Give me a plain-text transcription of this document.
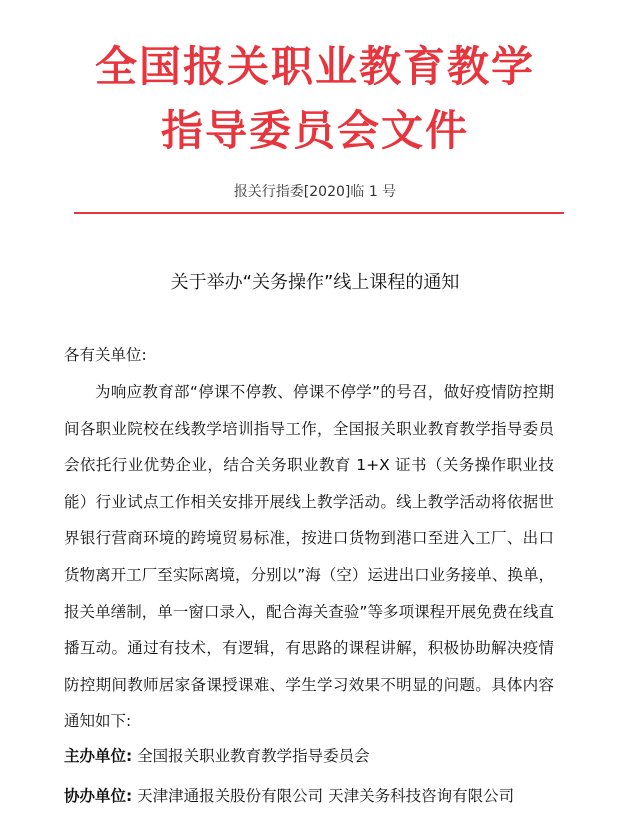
全国报关职业教育教学
指导委员会文件
报关行指委[2020]临 1 号
关于举办“关务操作”线上课程的通知
各有关单位:
为响应教育部“停课不停教、停课不停学”的号召，做好疫情防控期间各职业院校在线教学培训指导工作，全国报关职业教育教学指导委员会依托行业优势企业，结合关务职业教育 1+X 证书（关务操作职业技能）行业试点工作相关安排开展线上教学活动。线上教学活动将依据世界银行营商环境的跨境贸易标准，按进口货物到港口至进入工厂、出口货物离开工厂至实际离境，分别以”海（空）运进出口业务接单、换单，报关单缮制，单一窗口录入，配合海关查验”等多项课程开展免费在线直播互动。通过有技术，有逻辑，有思路的课程讲解，积极协助解决疫情防控期间教师居家备课授课难、学生学习效果不明显的问题。具体内容通知如下:
主办单位: 全国报关职业教育教学指导委员会
协办单位: 天津津通报关股份有限公司 天津关务科技咨询有限公司
